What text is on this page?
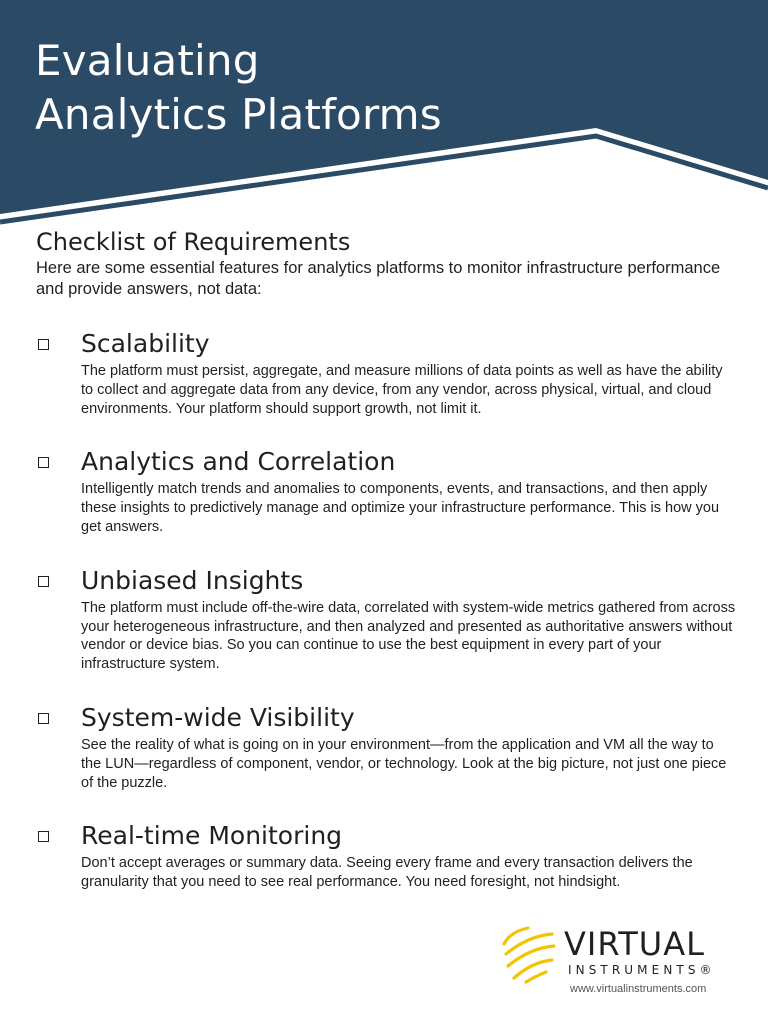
Evaluating
Analytics Platforms
Checklist of Requirements

Here are some essential features for analytics platforms to monitor infrastructure performance and provide answers, not data:

Scalability

The platform must persist, aggregate, and measure millions of data points as well as have the ability to collect and aggregate data from any device, from any vendor, across physical, virtual, and cloud environments. Your platform should support growth, not limit it.

Analytics and Correlation

Intelligently match trends and anomalies to components, events, and transactions, and then apply these insights to predictively manage and optimize your infrastructure performance. This is how you get answers.

Unbiased Insights

The platform must include off-the-wire data, correlated with system-wide metrics gathered from across your heterogeneous infrastructure, and then analyzed and presented as authoritative answers without vendor or device bias. So you can continue to use the best equipment in every part of your infrastructure system.

System-wide Visibility

See the reality of what is going on in your environment—from the application and VM all the way to the LUN—regardless of component, vendor, or technology. Look at the big picture, not just one piece of the puzzle.

Real-time Monitoring

Don’t accept averages or summary data. Seeing every frame and every transaction delivers the granularity that you need to see real performance. You need foresight, not hindsight.

VIRTUAL
INSTRUMENTS®
www.virtualinstruments.com
